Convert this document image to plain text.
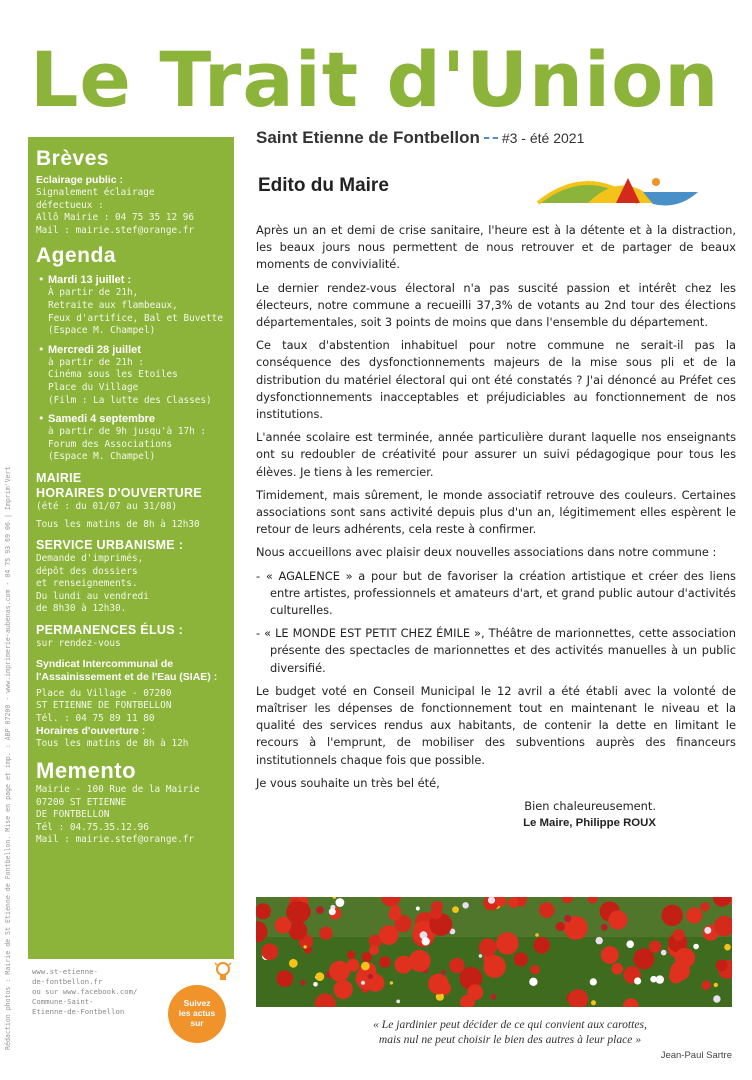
Le Trait d'Union
Brèves
Eclairage public :
Signalement éclairage
défectueux :
Allô Mairie : 04 75 35 12 96
Mail : mairie.stef@orange.fr
Agenda
• Mardi 13 juillet :
À partir de 21h,
Retraite aux flambeaux,
Feux d'artifice, Bal et Buvette
(Espace M. Champel)
• Mercredi 28 juillet
à partir de 21h :
Cinéma sous les Etoiles
Place du Village
(Film : La lutte des Classes)
• Samedi 4 septembre
à partir de 9h jusqu'à 17h :
Forum des Associations
(Espace M. Champel)
MAIRIE
HORAIRES D'OUVERTURE
(été : du 01/07 au 31/08)
Tous les matins de 8h à 12h30
SERVICE URBANISME :
Demande d'imprimés,
dépôt des dossiers
et renseignements.
Du lundi au vendredi
de 8h30 à 12h30.
PERMANENCES ÉLUS :
sur rendez-vous
Syndicat Intercommunal de l'Assainissement et de l'Eau (SIAE) :
Place du Village - 07200
ST ETIENNE DE FONTBELLON
Tél. : 04 75 89 11 80
Horaires d'ouverture :
Tous les matins de 8h à 12h
Memento
Mairie - 100 Rue de la Mairie
07200 ST ETIENNE
DE FONTBELLON
Tél : 04.75.35.12.96
Mail : mairie.stef@orange.fr
www.st-etienne-
de-fontbellon.fr
ou sur www.facebook.com/
Commune-Saint-
Etienne-de-Fontbellon
Suivez
les actus
sur
Rédaction photos : Mairie de St Etienne de Fontbellon. Mise en page et imp. : ABP 07200 - www.imprimerie-aubenas.com - 04 75 93 69 06 | Imprim'Vert
Saint Etienne de Fontbellon #3 - été 2021
Edito du Maire

Après un an et demi de crise sanitaire, l'heure est à la détente et à la distraction, les beaux jours nous permettent de nous retrouver et de partager de beaux moments de convivialité.

Le dernier rendez-vous électoral n'a pas suscité passion et intérêt chez les électeurs, notre commune a recueilli 37,3% de votants au 2nd tour des élections départementales, soit 3 points de moins que dans l'ensemble du département.

Ce taux d'abstention inhabituel pour notre commune ne serait-il pas la conséquence des dysfonctionnements majeurs de la mise sous pli et de la distribution du matériel électoral qui ont été constatés ? J'ai dénoncé au Préfet ces dysfonctionnements inacceptables et préjudiciables au fonctionnement de nos institutions.

L'année scolaire est terminée, année particulière durant laquelle nos enseignants ont su redoubler de créativité pour assurer un suivi pédagogique pour tous les élèves. Je tiens à les remercier.

Timidement, mais sûrement, le monde associatif retrouve des couleurs. Certaines associations sont sans activité depuis plus d'un an, légitimement elles espèrent le retour de leurs adhérents, cela reste à confirmer.

Nous accueillons avec plaisir deux nouvelles associations dans notre commune :

- « AGALENCE » a pour but de favoriser la création artistique et créer des liens entre artistes, professionnels et amateurs d'art, et grand public autour d'activités culturelles.

- « LE MONDE EST PETIT CHEZ ÉMILE », Théâtre de marionnettes, cette association présente des spectacles de marionnettes et des activités manuelles à un public diversifié.

Le budget voté en Conseil Municipal le 12 avril a été établi avec la volonté de maîtriser les dépenses de fonctionnement tout en maintenant le niveau et la qualité des services rendus aux habitants, de contenir la dette en limitant le recours à l'emprunt, de mobiliser des subventions auprès des financeurs institutionnels chaque fois que possible.

Je vous souhaite un très bel été,

Bien chaleureusement.
Le Maire, Philippe ROUX
« Le jardinier peut décider de ce qui convient aux carottes,
mais nul ne peut choisir le bien des autres à leur place »
Jean-Paul Sartre
